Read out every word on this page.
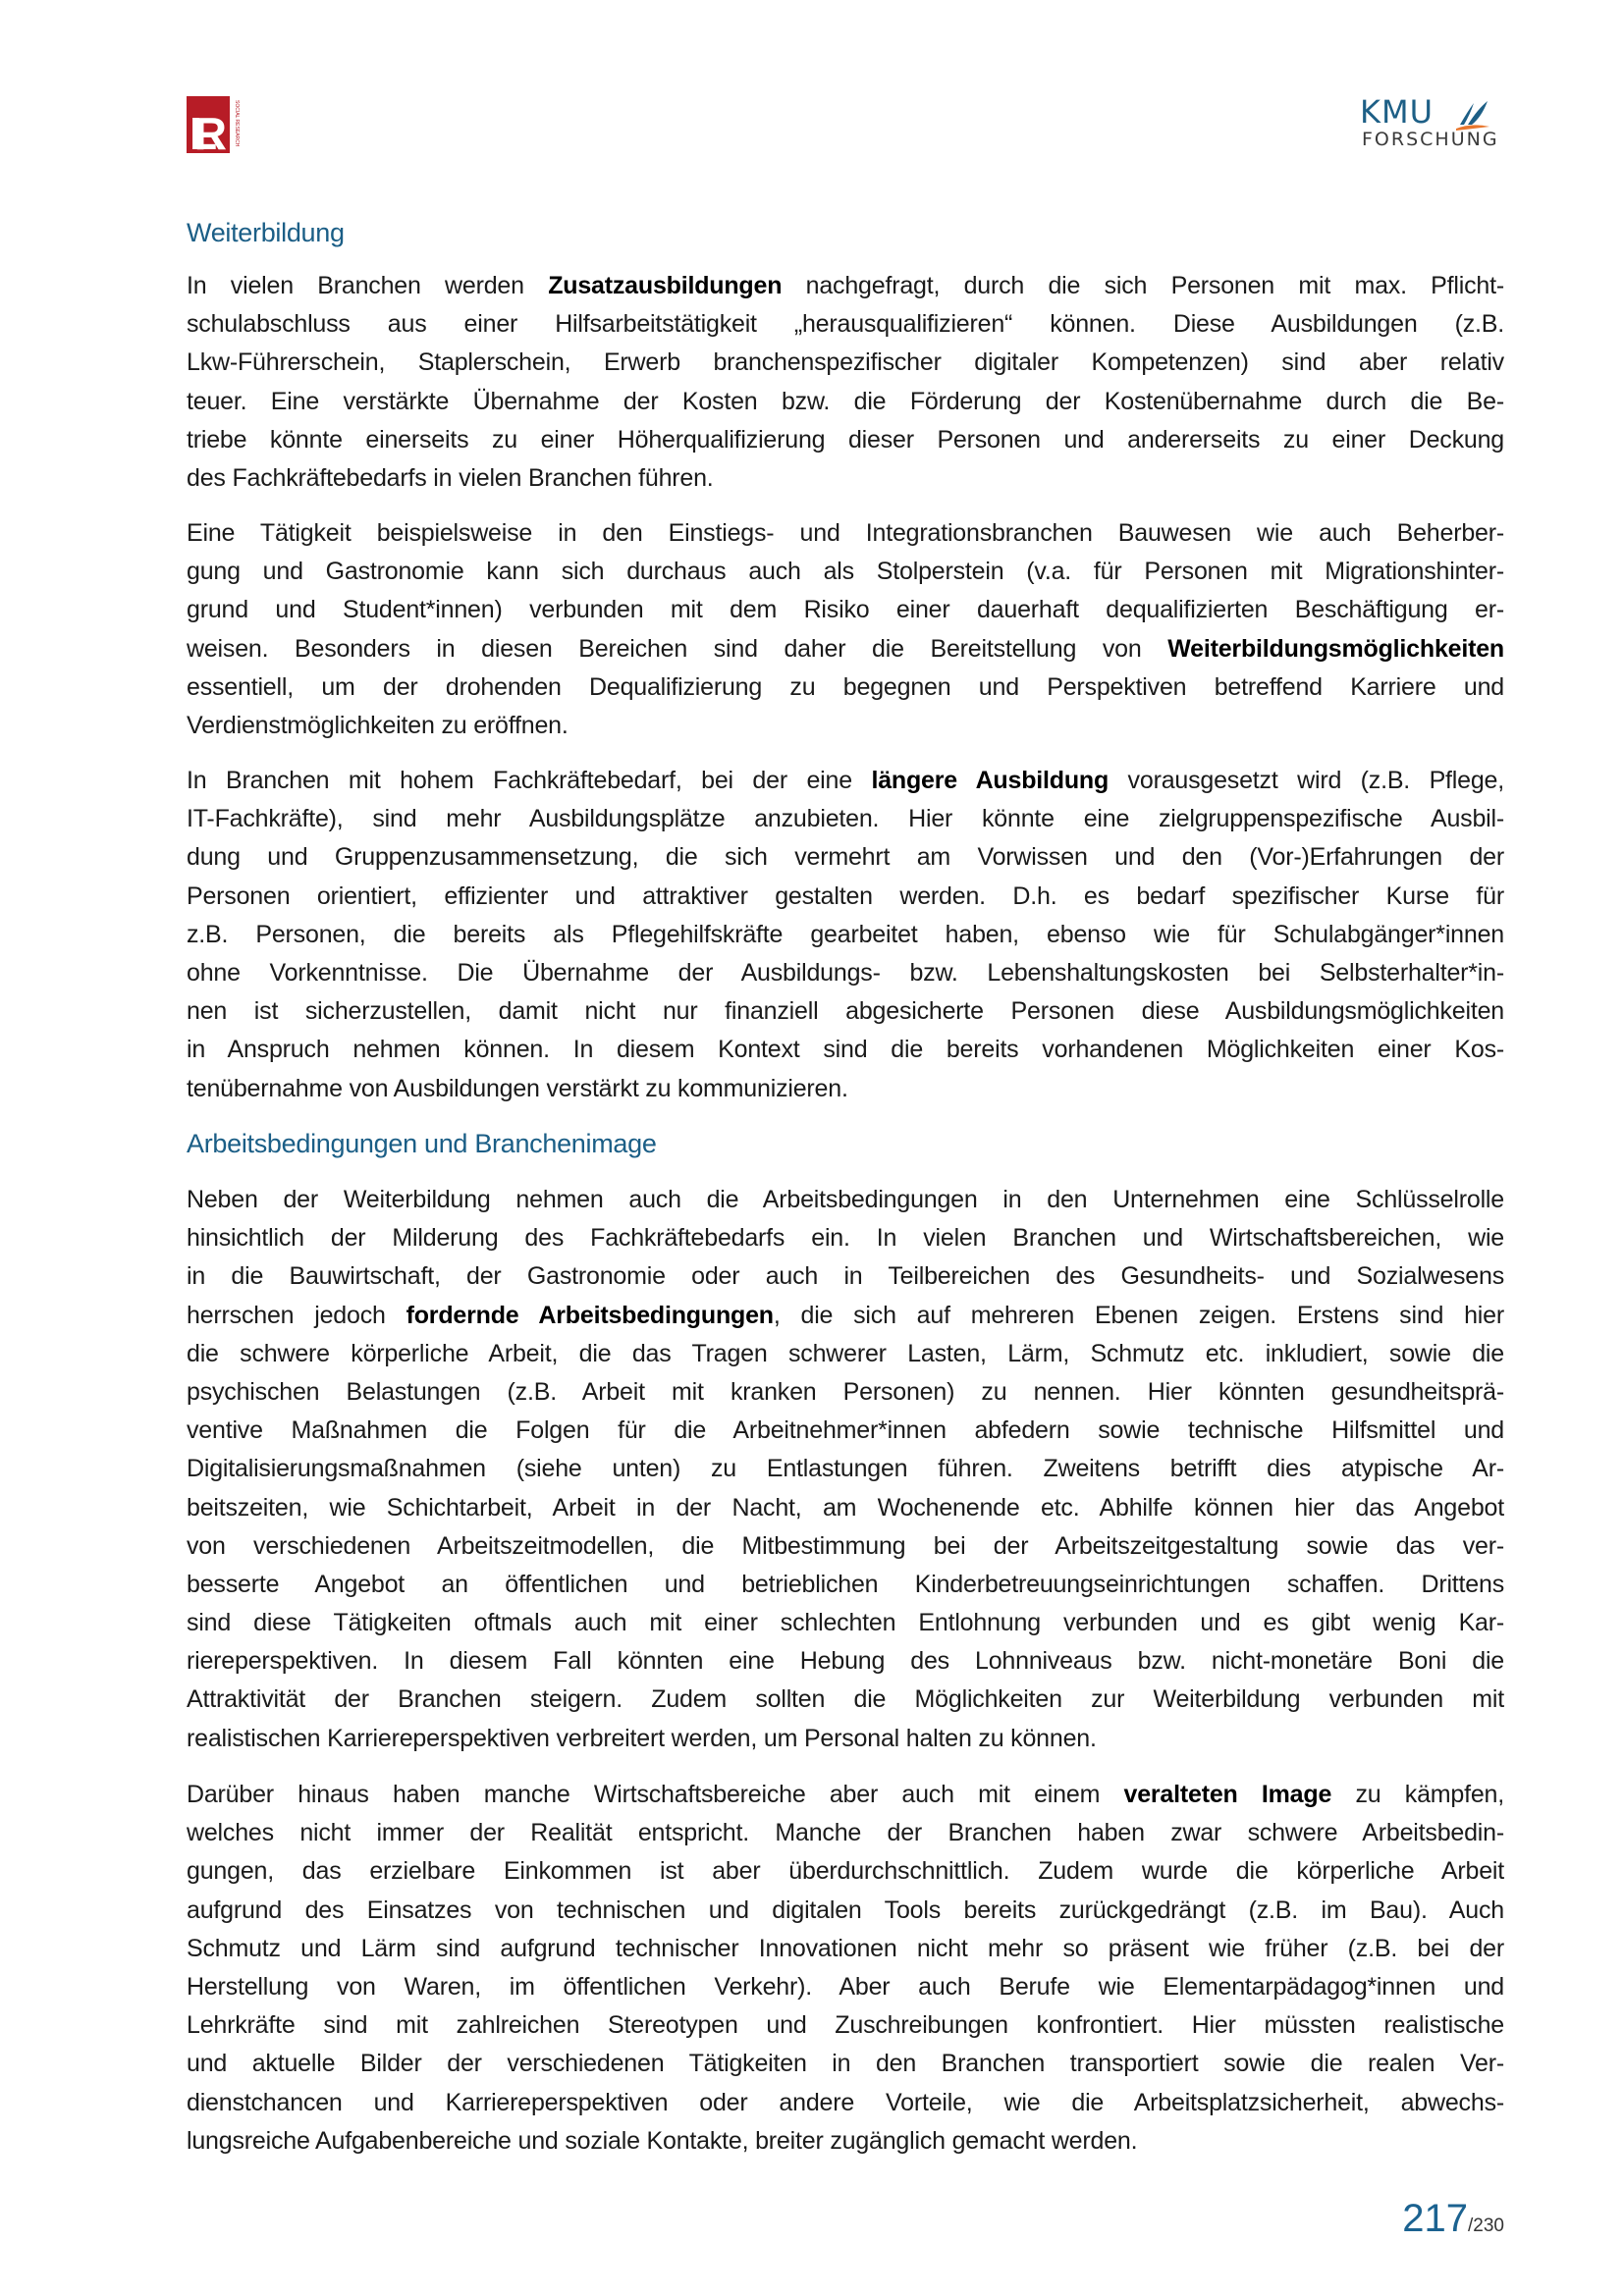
LR SOCIAL RESEARCH	KMU
FORSCHUNG
Weiterbildung
In vielen Branchen werden Zusatzausbildungen nachgefragt, durch die sich Personen mit max. Pflicht-
schulabschluss aus einer Hilfsarbeitstätigkeit „herausqualifizieren“ können. Diese Ausbildungen (z.B.
Lkw-Führerschein, Staplerschein, Erwerb branchenspezifischer digitaler Kompetenzen) sind aber relativ
teuer. Eine verstärkte Übernahme der Kosten bzw. die Förderung der Kostenübernahme durch die Be-
triebe könnte einerseits zu einer Höherqualifizierung dieser Personen und andererseits zu einer Deckung
des Fachkräftebedarfs in vielen Branchen führen.
Eine Tätigkeit beispielsweise in den Einstiegs- und Integrationsbranchen Bauwesen wie auch Beherber-
gung und Gastronomie kann sich durchaus auch als Stolperstein (v.a. für Personen mit Migrationshinter-
grund und Student*innen) verbunden mit dem Risiko einer dauerhaft dequalifizierten Beschäftigung er-
weisen. Besonders in diesen Bereichen sind daher die Bereitstellung von Weiterbildungsmöglichkeiten
essentiell, um der drohenden Dequalifizierung zu begegnen und Perspektiven betreffend Karriere und
Verdienstmöglichkeiten zu eröffnen.
In Branchen mit hohem Fachkräftebedarf, bei der eine längere Ausbildung vorausgesetzt wird (z.B. Pflege,
IT-Fachkräfte), sind mehr Ausbildungsplätze anzubieten. Hier könnte eine zielgruppenspezifische Ausbil-
dung und Gruppenzusammensetzung, die sich vermehrt am Vorwissen und den (Vor-)Erfahrungen der
Personen orientiert, effizienter und attraktiver gestalten werden. D.h. es bedarf spezifischer Kurse für
z.B. Personen, die bereits als Pflegehilfskräfte gearbeitet haben, ebenso wie für Schulabgänger*innen
ohne Vorkenntnisse. Die Übernahme der Ausbildungs- bzw. Lebenshaltungskosten bei Selbsterhalter*in-
nen ist sicherzustellen, damit nicht nur finanziell abgesicherte Personen diese Ausbildungsmöglichkeiten
in Anspruch nehmen können. In diesem Kontext sind die bereits vorhandenen Möglichkeiten einer Kos-
tenübernahme von Ausbildungen verstärkt zu kommunizieren.
Arbeitsbedingungen und Branchenimage
Neben der Weiterbildung nehmen auch die Arbeitsbedingungen in den Unternehmen eine Schlüsselrolle
hinsichtlich der Milderung des Fachkräftebedarfs ein. In vielen Branchen und Wirtschaftsbereichen, wie
in die Bauwirtschaft, der Gastronomie oder auch in Teilbereichen des Gesundheits- und Sozialwesens
herrschen jedoch fordernde Arbeitsbedingungen, die sich auf mehreren Ebenen zeigen. Erstens sind hier
die schwere körperliche Arbeit, die das Tragen schwerer Lasten, Lärm, Schmutz etc. inkludiert, sowie die
psychischen Belastungen (z.B. Arbeit mit kranken Personen) zu nennen. Hier könnten gesundheitsprä-
ventive Maßnahmen die Folgen für die Arbeitnehmer*innen abfedern sowie technische Hilfsmittel und
Digitalisierungsmaßnahmen (siehe unten) zu Entlastungen führen. Zweitens betrifft dies atypische Ar-
beitszeiten, wie Schichtarbeit, Arbeit in der Nacht, am Wochenende etc. Abhilfe können hier das Angebot
von verschiedenen Arbeitszeitmodellen, die Mitbestimmung bei der Arbeitszeitgestaltung sowie das ver-
besserte Angebot an öffentlichen und betrieblichen Kinderbetreuungseinrichtungen schaffen. Drittens
sind diese Tätigkeiten oftmals auch mit einer schlechten Entlohnung verbunden und es gibt wenig Kar-
riereperspektiven. In diesem Fall könnten eine Hebung des Lohnniveaus bzw. nicht-monetäre Boni die
Attraktivität der Branchen steigern. Zudem sollten die Möglichkeiten zur Weiterbildung verbunden mit
realistischen Karriereperspektiven verbreitert werden, um Personal halten zu können.
Darüber hinaus haben manche Wirtschaftsbereiche aber auch mit einem veralteten Image zu kämpfen,
welches nicht immer der Realität entspricht. Manche der Branchen haben zwar schwere Arbeitsbedin-
gungen, das erzielbare Einkommen ist aber überdurchschnittlich. Zudem wurde die körperliche Arbeit
aufgrund des Einsatzes von technischen und digitalen Tools bereits zurückgedrängt (z.B. im Bau). Auch
Schmutz und Lärm sind aufgrund technischer Innovationen nicht mehr so präsent wie früher (z.B. bei der
Herstellung von Waren, im öffentlichen Verkehr). Aber auch Berufe wie Elementarpädagog*innen und
Lehrkräfte sind mit zahlreichen Stereotypen und Zuschreibungen konfrontiert. Hier müssten realistische
und aktuelle Bilder der verschiedenen Tätigkeiten in den Branchen transportiert sowie die realen Ver-
dienstchancen und Karriereperspektiven oder andere Vorteile, wie die Arbeitsplatzsicherheit, abwechs-
lungsreiche Aufgabenbereiche und soziale Kontakte, breiter zugänglich gemacht werden.
217/230
